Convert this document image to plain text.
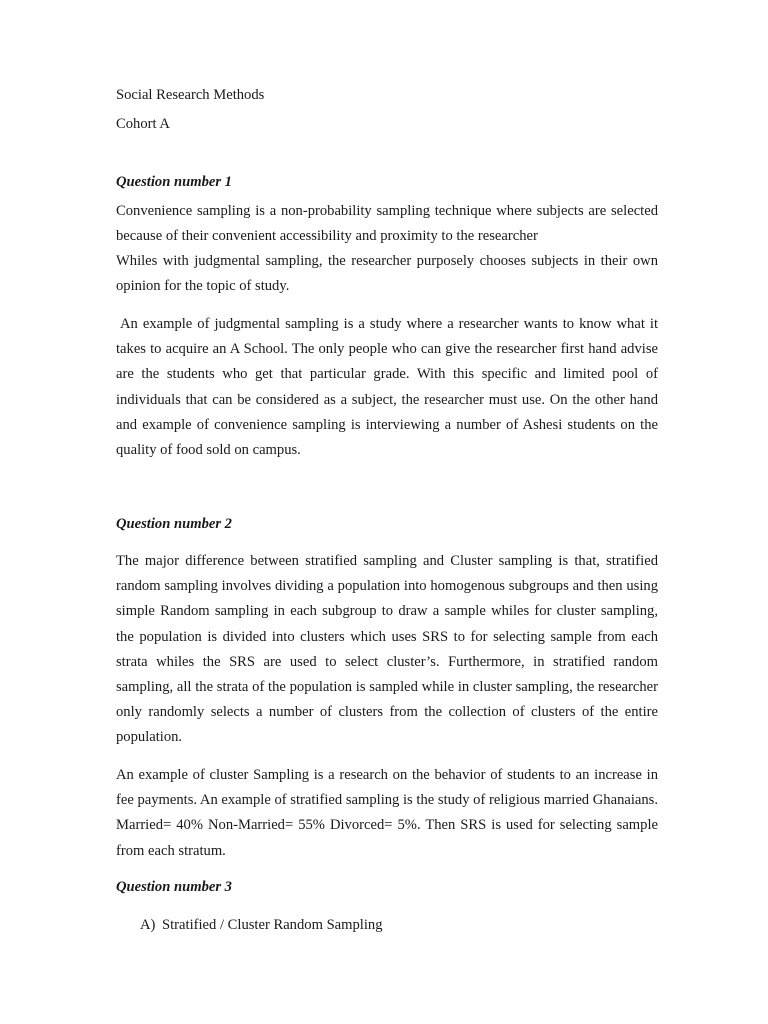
Social Research Methods
Cohort A
Question number 1
Convenience sampling is a non-probability sampling technique where subjects are selected because of their convenient accessibility and proximity to the researcher
Whiles with judgmental sampling, the researcher purposely chooses subjects in their own opinion for the topic of study.
An example of judgmental sampling is a study where a researcher wants to know what it takes to acquire an A School. The only people who can give the researcher first hand advise are the students who get that particular grade. With this specific and limited pool of individuals that can be considered as a subject, the researcher must use. On the other hand and example of convenience sampling is interviewing a number of Ashesi students on the quality of food sold on campus.
Question number 2
The major difference between stratified sampling and Cluster sampling is that, stratified random sampling involves dividing a population into homogenous subgroups and then using simple Random sampling in each subgroup to draw a sample whiles for cluster sampling, the population is divided into clusters which uses SRS to for selecting sample from each strata whiles the SRS are used to select cluster’s. Furthermore, in stratified random sampling, all the strata of the population is sampled while in cluster sampling, the researcher only randomly selects a number of clusters from the collection of clusters of the entire population.
An example of cluster Sampling is a research on the behavior of students to an increase in fee payments. An example of stratified sampling is the study of religious married Ghanaians. Married= 40% Non-Married= 55% Divorced= 5%. Then SRS is used for selecting sample from each stratum.
Question number 3
A) Stratified / Cluster Random Sampling
